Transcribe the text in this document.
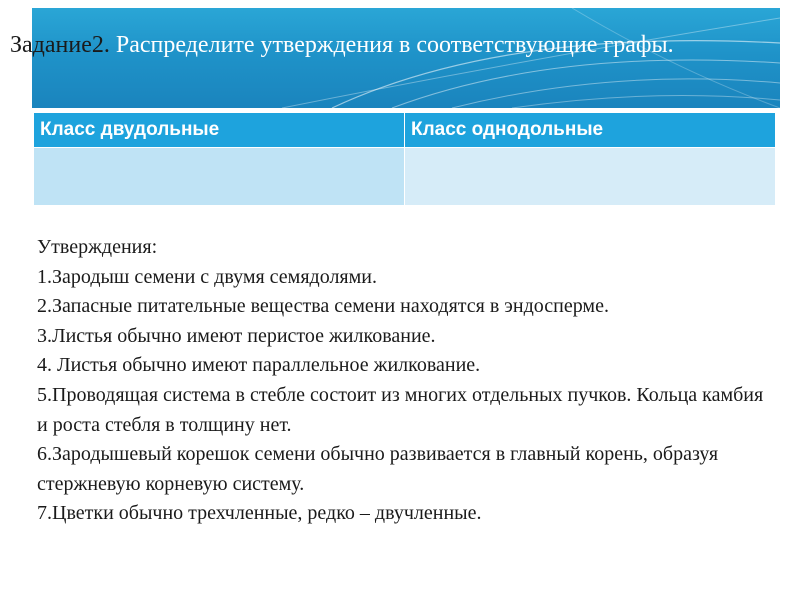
Задание2. Распределите утверждения в соответствующие графы.
Класс двудольные	Класс однодольные

Утверждения:

1.Зародыш семени с двумя семядолями.

2.Запасные питательные вещества семени находятся в эндосперме.

3.Листья обычно имеют перистое жилкование.

4. Листья обычно имеют параллельное жилкование.

5.Проводящая система в стебле состоит из многих отдельных пучков. Кольца камбия и роста стебля в толщину нет.

6.Зародышевый корешок семени обычно развивается в главный корень, образуя стержневую корневую систему.

7.Цветки обычно трехчленные, редко – двучленные.
